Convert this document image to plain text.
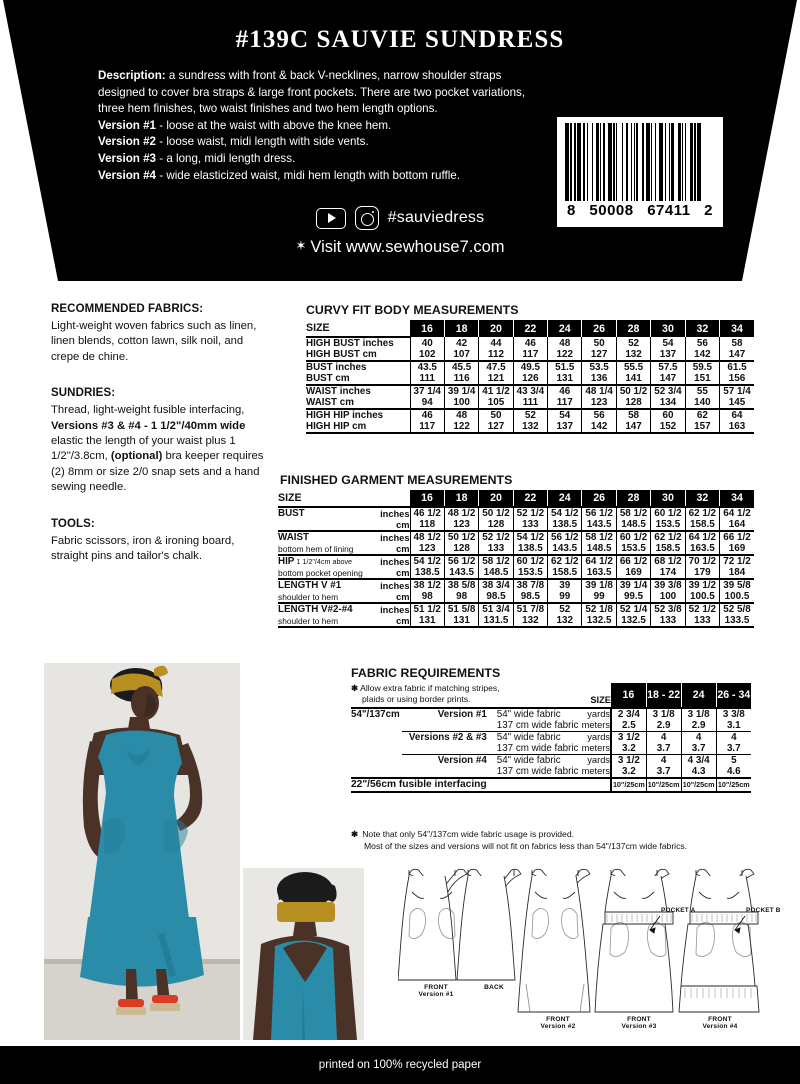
#139C SAUVIE SUNDRESS
Description: a sundress with front & back V-necklines, narrow shoulder straps
designed to cover bra straps & large front pockets. There are two pocket variations,
three hem finishes, two waist finishes and two hem length options.
Version #1 - loose at the waist with above the knee hem.
Version #2 - loose waist, midi length with side vents.
Version #3 - a long, midi length dress.
Version #4 - wide elasticized waist, midi hem length with bottom ruffle.
#sauviedress
✶ Visit www.sewhouse7.com
8 50008 67411 2
RECOMMENDED FABRICS:
Light-weight woven fabrics such as linen, linen blends, cotton lawn, silk noil, and crepe de chine.
SUNDRIES:
Thread, light-weight fusible interfacing, Versions #3 & #4 - 1 1/2"/40mm wide elastic the length of your waist plus 1 1/2"/3.8cm, (optional) bra keeper requires (2) 8mm or size 2/0 snap sets and a hand sewing needle.
TOOLS:
Fabric scissors, iron & ironing board, straight pins and tailor's chalk.
CURVY FIT BODY MEASUREMENTS
SIZE	16	18	20	22	24	26	28	30	32	34
HIGH BUST inches	40	42	44	46	48	50	52	54	56	58
HIGH BUST cm	102	107	112	117	122	127	132	137	142	147
BUST inches	43.5	45.5	47.5	49.5	51.5	53.5	55.5	57.5	59.5	61.5
BUST cm	111	116	121	126	131	136	141	147	151	156
WAIST inches	37 1/4	39 1/4	41 1/2	43 3/4	46	48 1/4	50 1/2	52 3/4	55	57 1/4
WAIST cm	94	100	105	111	117	123	128	134	140	145
HIGH HIP inches	46	48	50	52	54	56	58	60	62	64
HIGH HIP cm	117	122	127	132	137	142	147	152	157	163

FINISHED GARMENT MEASUREMENTS
SIZE		16	18	20	22	24	26	28	30	32	34
BUST	inches	46 1/2	48 1/2	50 1/2	52 1/2	54 1/2	56 1/2	58 1/2	60 1/2	62 1/2	64 1/2
	cm	118	123	128	133	138.5	143.5	148.5	153.5	158.5	164
WAIST	inches	48 1/2	50 1/2	52 1/2	54 1/2	56 1/2	58 1/2	60 1/2	62 1/2	64 1/2	66 1/2
bottom hem of lining	cm	123	128	133	138.5	143.5	148.5	153.5	158.5	163.5	169
HIP 1 1/2"/4cm above	inches	54 1/2	56 1/2	58 1/2	60 1/2	62 1/2	64 1/2	66 1/2	68 1/2	70 1/2	72 1/2
bottom pocket opening	cm	138.5	143.5	148.5	153.5	158.5	163.5	169	174	179	184
LENGTH V #1	inches	38 1/2	38 5/8	38 3/4	38 7/8	39	39 1/8	39 1/4	39 3/8	39 1/2	39 5/8
shoulder to hem	cm	98	98	98.5	98.5	99	99	99.5	100	100.5	100.5
LENGTH V#2-#4	inches	51 1/2	51 5/8	51 3/4	51 7/8	52	52 1/8	52 1/4	52 3/8	52 1/2	52 5/8
shoulder to hem	cm	131	131	131.5	132	132	132.5	132.5	133	133	133.5

FABRIC REQUIREMENTS
✱ Allow extra fabric if matching stripes,
plaids or using border prints.			SIZE	16	18 - 22	24	26 - 34
54"/137cm	Version #1	54" wide fabric	yards	2 3/4	3 1/8	3 1/8	3 3/8
		137 cm wide fabric	meters	2.5	2.9	2.9	3.1
	Versions #2 & #3	54" wide fabric	yards	3 1/2	4	4	4
		137 cm wide fabric	meters	3.2	3.7	3.7	3.7
	Version #4	54" wide fabric	yards	3 1/2	4	4 3/4	5
		137 cm wide fabric	meters	3.2	3.7	4.3	4.6
22"/56cm fusible interfacing				10"/25cm	10"/25cm	10"/25cm	10"/25cm

✱ Note that only 54"/137cm wide fabric usage is provided.
Most of the sizes and versions will not fit on fabrics less than 54"/137cm wide fabrics.
POCKET A	POCKET B
FRONT
Version #1
BACK
FRONT
Version #2
FRONT
Version #3
FRONT
Version #4
printed on 100% recycled paper
